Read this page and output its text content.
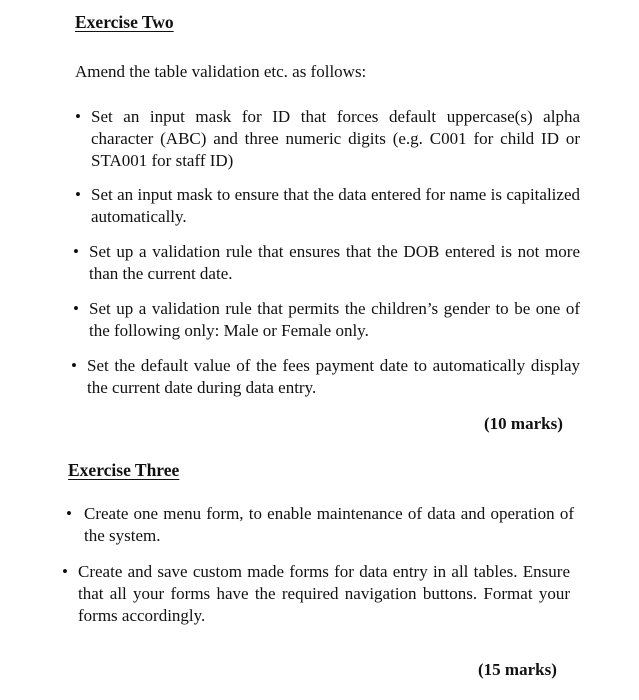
Exercise Two
Amend the table validation etc. as follows:
• Set an input mask for ID that forces default uppercase(s) alpha character (ABC) and three numeric digits (e.g. C001 for child ID or STA001 for staff ID)
• Set an input mask to ensure that the data entered for name is capitalized automatically.
• Set up a validation rule that ensures that the DOB entered is not more than the current date.
• Set up a validation rule that permits the children’s gender to be one of the following only: Male or Female only.
• Set the default value of the fees payment date to automatically display the current date during data entry.
(10 marks)
Exercise Three
• Create one menu form, to enable maintenance of data and operation of the system.
• Create and save custom made forms for data entry in all tables. Ensure that all your forms have the required navigation buttons. Format your forms accordingly.
(15 marks)
